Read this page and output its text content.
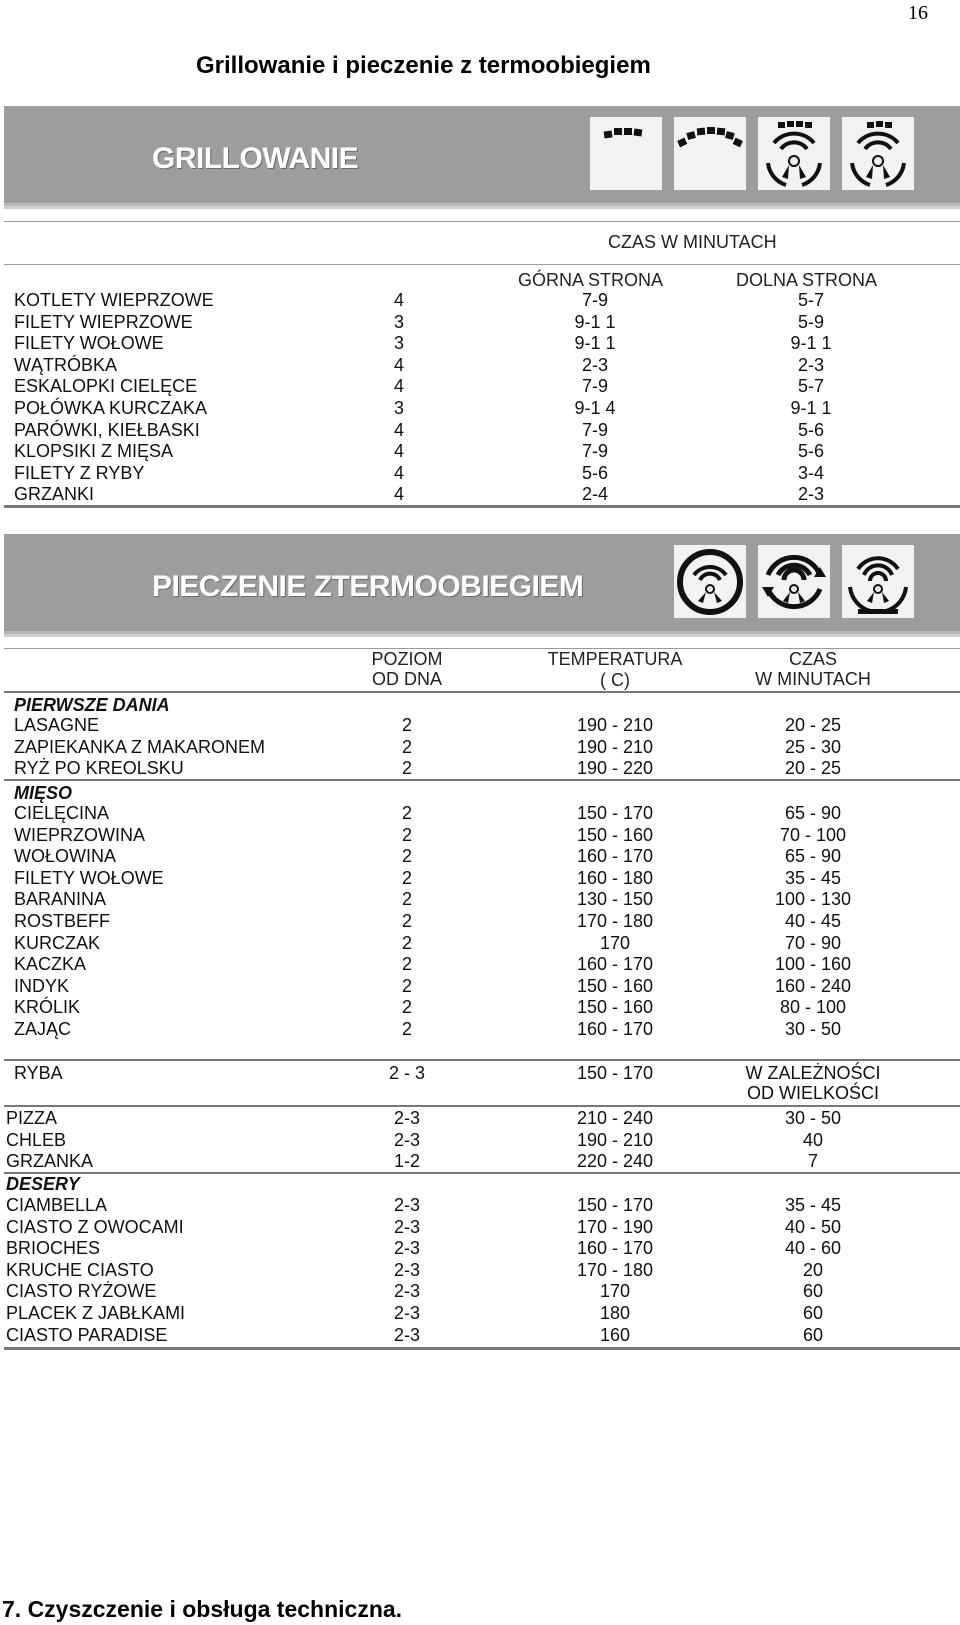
16
Grillowanie i pieczenie z termoobiegiem
GRILLOWANIE
CZAS W MINUTACH
GÓRNA STRONA	DOLNA STRONA
KOTLETY WIEPRZOWE	4	7-9	5-7
FILETY WIEPRZOWE	3	9-1 1	5-9
FILETY WOŁOWE	3	9-1 1	9-1 1
WĄTRÓBKA	4	2-3	2-3
ESKALOPKI CIELĘCE	4	7-9	5-7
POŁÓWKA KURCZAKA	3	9-1 4	9-1 1
PARÓWKI, KIEŁBASKI	4	7-9	5-6
KLOPSIKI Z MIĘSA	4	7-9	5-6
FILETY Z RYBY	4	5-6	3-4
GRZANKI	4	2-4	2-3
PIECZENIE ZTERMOOBIEGIEM
POZIOM
OD DNA
TEMPERATURA
( C)
CZAS
W MINUTACH
PIERWSZE DANIA
LASAGNE	2	190 - 210	20 - 25
ZAPIEKANKA Z MAKARONEM	2	190 - 210	25 - 30
RYŻ PO KREOLSKU	2	190 - 220	20 - 25
MIĘSO
CIELĘCINA	2	150 - 170	65 - 90
WIEPRZOWINA	2	150 - 160	70 - 100
WOŁOWINA	2	160 - 170	65 - 90
FILETY WOŁOWE	2	160 - 180	35 - 45
BARANINA	2	130 - 150	100 - 130
ROSTBEFF	2	170 - 180	40 - 45
KURCZAK	2	170	70 - 90
KACZKA	2	160 - 170	100 - 160
INDYK	2	150 - 160	160 - 240
KRÓLIK	2	150 - 160	80 - 100
ZAJĄC	2	160 - 170	30 - 50
RYBA	2 - 3	150 - 170	W ZALEŻNOŚCI
OD WIELKOŚCI
PIZZA	2-3	210 - 240	30 - 50
CHLEB	2-3	190 - 210	40
GRZANKA	1-2	220 - 240	7
DESERY
CIAMBELLA	2-3	150 - 170	35 - 45
CIASTO Z OWOCAMI	2-3	170 - 190	40 - 50
BRIOCHES	2-3	160 - 170	40 - 60
KRUCHE CIASTO	2-3	170 - 180	20
CIASTO RYŻOWE	2-3	170	60
PLACEK Z JABŁKAMI	2-3	180	60
CIASTO PARADISE	2-3	160	60
7. Czyszczenie i obsługa techniczna.
